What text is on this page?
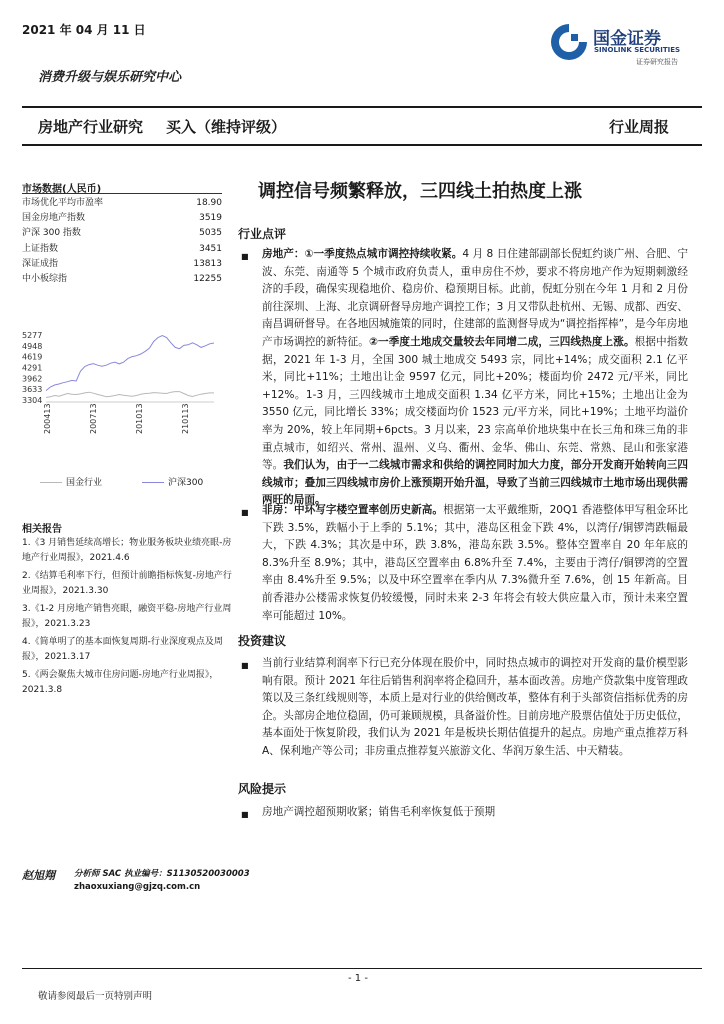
2021 年 04 月 11 日
消费升级与娱乐研究中心
国金证券
SINOLINK SECURITIES
证券研究报告
房地产行业研究 买入（维持评级）	行业周报
市场数据(人民币)
市场优化平均市盈率	18.90
国金房地产指数	3519
沪深 300 指数	5035
上证指数	3451
深证成指	13813
中小板综指	12255
5277
4948
4619
4291
3962
3633
3304
200413	200713	201013	210113
国金行业	沪深300
相关报告
1.《3 月销售延续高增长；物业服务板块业绩亮眼-房地产行业周报》，2021.4.6
2.《结算毛利率下行，但预计前瞻指标恢复-房地产行业周报》，2021.3.30
3.《1-2 月房地产销售亮眼，融资平稳-房地产行业周报》，2021.3.23
4.《简单明了的基本面恢复周期-行业深度观点及周报》，2021.3.17
5.《两会聚焦大城市住房问题-房地产行业周报》，2021.3.8
调控信号频繁释放，三四线土拍热度上涨
行业点评
■ 房地产：①一季度热点城市调控持续收紧。4 月 8 日住建部副部长倪虹约谈广州、合肥、宁波、东莞、南通等 5 个城市政府负责人，重申房住不炒，要求不将房地产作为短期刺激经济的手段，确保实现稳地价、稳房价、稳预期目标。此前，倪虹分别在今年 1 月和 2 月份前往深圳、上海、北京调研督导房地产调控工作；3 月又带队赴杭州、无锡、成都、西安、南昌调研督导。在各地因城施策的同时，住建部的监测督导成为“调控指挥棒”，是今年房地产市场调控的新特征。②一季度土地成交量较去年同增二成，三四线热度上涨。根据中指数据，2021 年 1-3 月，全国 300 城土地成交 5493 宗，同比+14%；成交面积 2.1 亿平米，同比+11%；土地出让金 9597 亿元，同比+20%；楼面均价 2472 元/平米，同比+12%。1-3 月，三四线城市土地成交面积 1.34 亿平方米，同比+15%；土地出让金为 3550 亿元，同比增长 33%；成交楼面均价 1523 元/平方米，同比+19%；土地平均溢价率为 20%，较上年同期+6pcts。3 月以来，23 宗高单价地块集中在长三角和珠三角的非重点城市，如绍兴、常州、温州、义乌、衢州、金华、佛山、东莞、常熟、昆山和张家港等。我们认为，由于一二线城市需求和供给的调控同时加大力度，部分开发商开始转向三四线城市；叠加三四线城市房价上涨预期开始升温，导致了当前三四线城市土地市场出现供需两旺的局面。
■ 非房：中环写字楼空置率创历史新高。根据第一太平戴维斯，20Q1 香港整体甲写租金环比下跌 3.5%，跌幅小于上季的 5.1%；其中，港岛区租金下跌 4%，以湾仔/铜锣湾跌幅最大，下跌 4.3%；其次是中环，跌 3.8%，港岛东跌 3.5%。整体空置率自 20 年年底的 8.3%升至 8.9%；其中，港岛区空置率由 6.8%升至 7.4%，主要由于湾仔/铜锣湾的空置率由 8.4%升至 9.5%；以及中环空置率在季内从 7.3%微升至 7.6%，创 15 年新高。目前香港办公楼需求恢复仍较缓慢，同时未来 2-3 年将会有较大供应量入市，预计未来空置率可能超过 10%。
投资建议
■ 当前行业结算利润率下行已充分体现在股价中，同时热点城市的调控对开发商的量价模型影响有限。预计 2021 年往后销售利润率将企稳回升，基本面改善。房地产贷款集中度管理政策以及三条红线规则等，本质上是对行业的供给侧改革，整体有利于头部资信指标优秀的房企。头部房企地位稳固，仍可兼顾规模，具备溢价性。目前房地产股票估值处于历史低位，基本面处于恢复阶段，我们认为 2021 年是板块长期估值提升的起点。房地产重点推荐万科 A、保利地产等公司；非房重点推荐复兴旅游文化、华润万象生活、中天精装。
风险提示
■ 房地产调控超预期收紧；销售毛利率恢复低于预期
赵旭翔 分析师 SAC 执业编号：S1130520030003
zhaoxuxiang@gjzq.com.cn
- 1 -
敬请参阅最后一页特别声明
